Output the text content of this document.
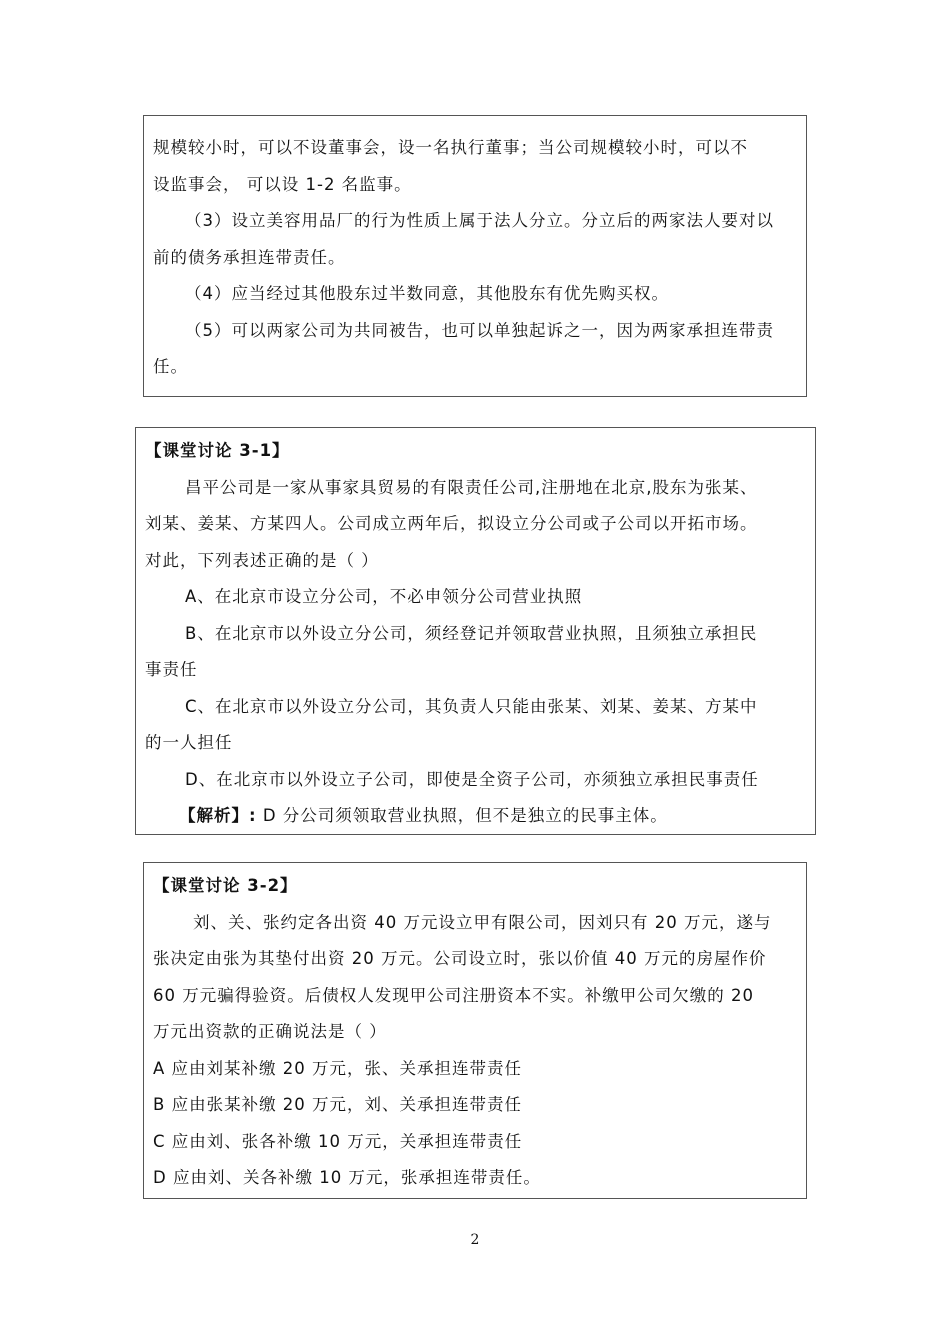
规模较小时，可以不设董事会，设一名执行董事；当公司规模较小时，可以不

设监事会， 可以设 1-2 名监事。

（3）设立美容用品厂的行为性质上属于法人分立。分立后的两家法人要对以

前的债务承担连带责任。

（4）应当经过其他股东过半数同意，其他股东有优先购买权。

（5）可以两家公司为共同被告，也可以单独起诉之一，因为两家承担连带责

任。

【课堂讨论 3-1】

昌平公司是一家从事家具贸易的有限责任公司,注册地在北京,股东为张某、

刘某、姜某、方某四人。公司成立两年后，拟设立分公司或子公司以开拓市场。

对此，下列表述正确的是（ ）

A、在北京市设立分公司，不必申领分公司营业执照

B、在北京市以外设立分公司，须经登记并领取营业执照，且须独立承担民

事责任

C、在北京市以外设立分公司，其负责人只能由张某、刘某、姜某、方某中

的一人担任

D、在北京市以外设立子公司，即使是全资子公司，亦须独立承担民事责任

【解析】: D 分公司须领取营业执照，但不是独立的民事主体。

【课堂讨论 3-2】

刘、关、张约定各出资 40 万元设立甲有限公司，因刘只有 20 万元，遂与

张决定由张为其垫付出资 20 万元。公司设立时，张以价值 40 万元的房屋作价

60 万元骗得验资。后债权人发现甲公司注册资本不实。补缴甲公司欠缴的 20

万元出资款的正确说法是（ ）

A 应由刘某补缴 20 万元，张、关承担连带责任

B 应由张某补缴 20 万元，刘、关承担连带责任

C 应由刘、张各补缴 10 万元，关承担连带责任

D 应由刘、关各补缴 10 万元，张承担连带责任。

2
